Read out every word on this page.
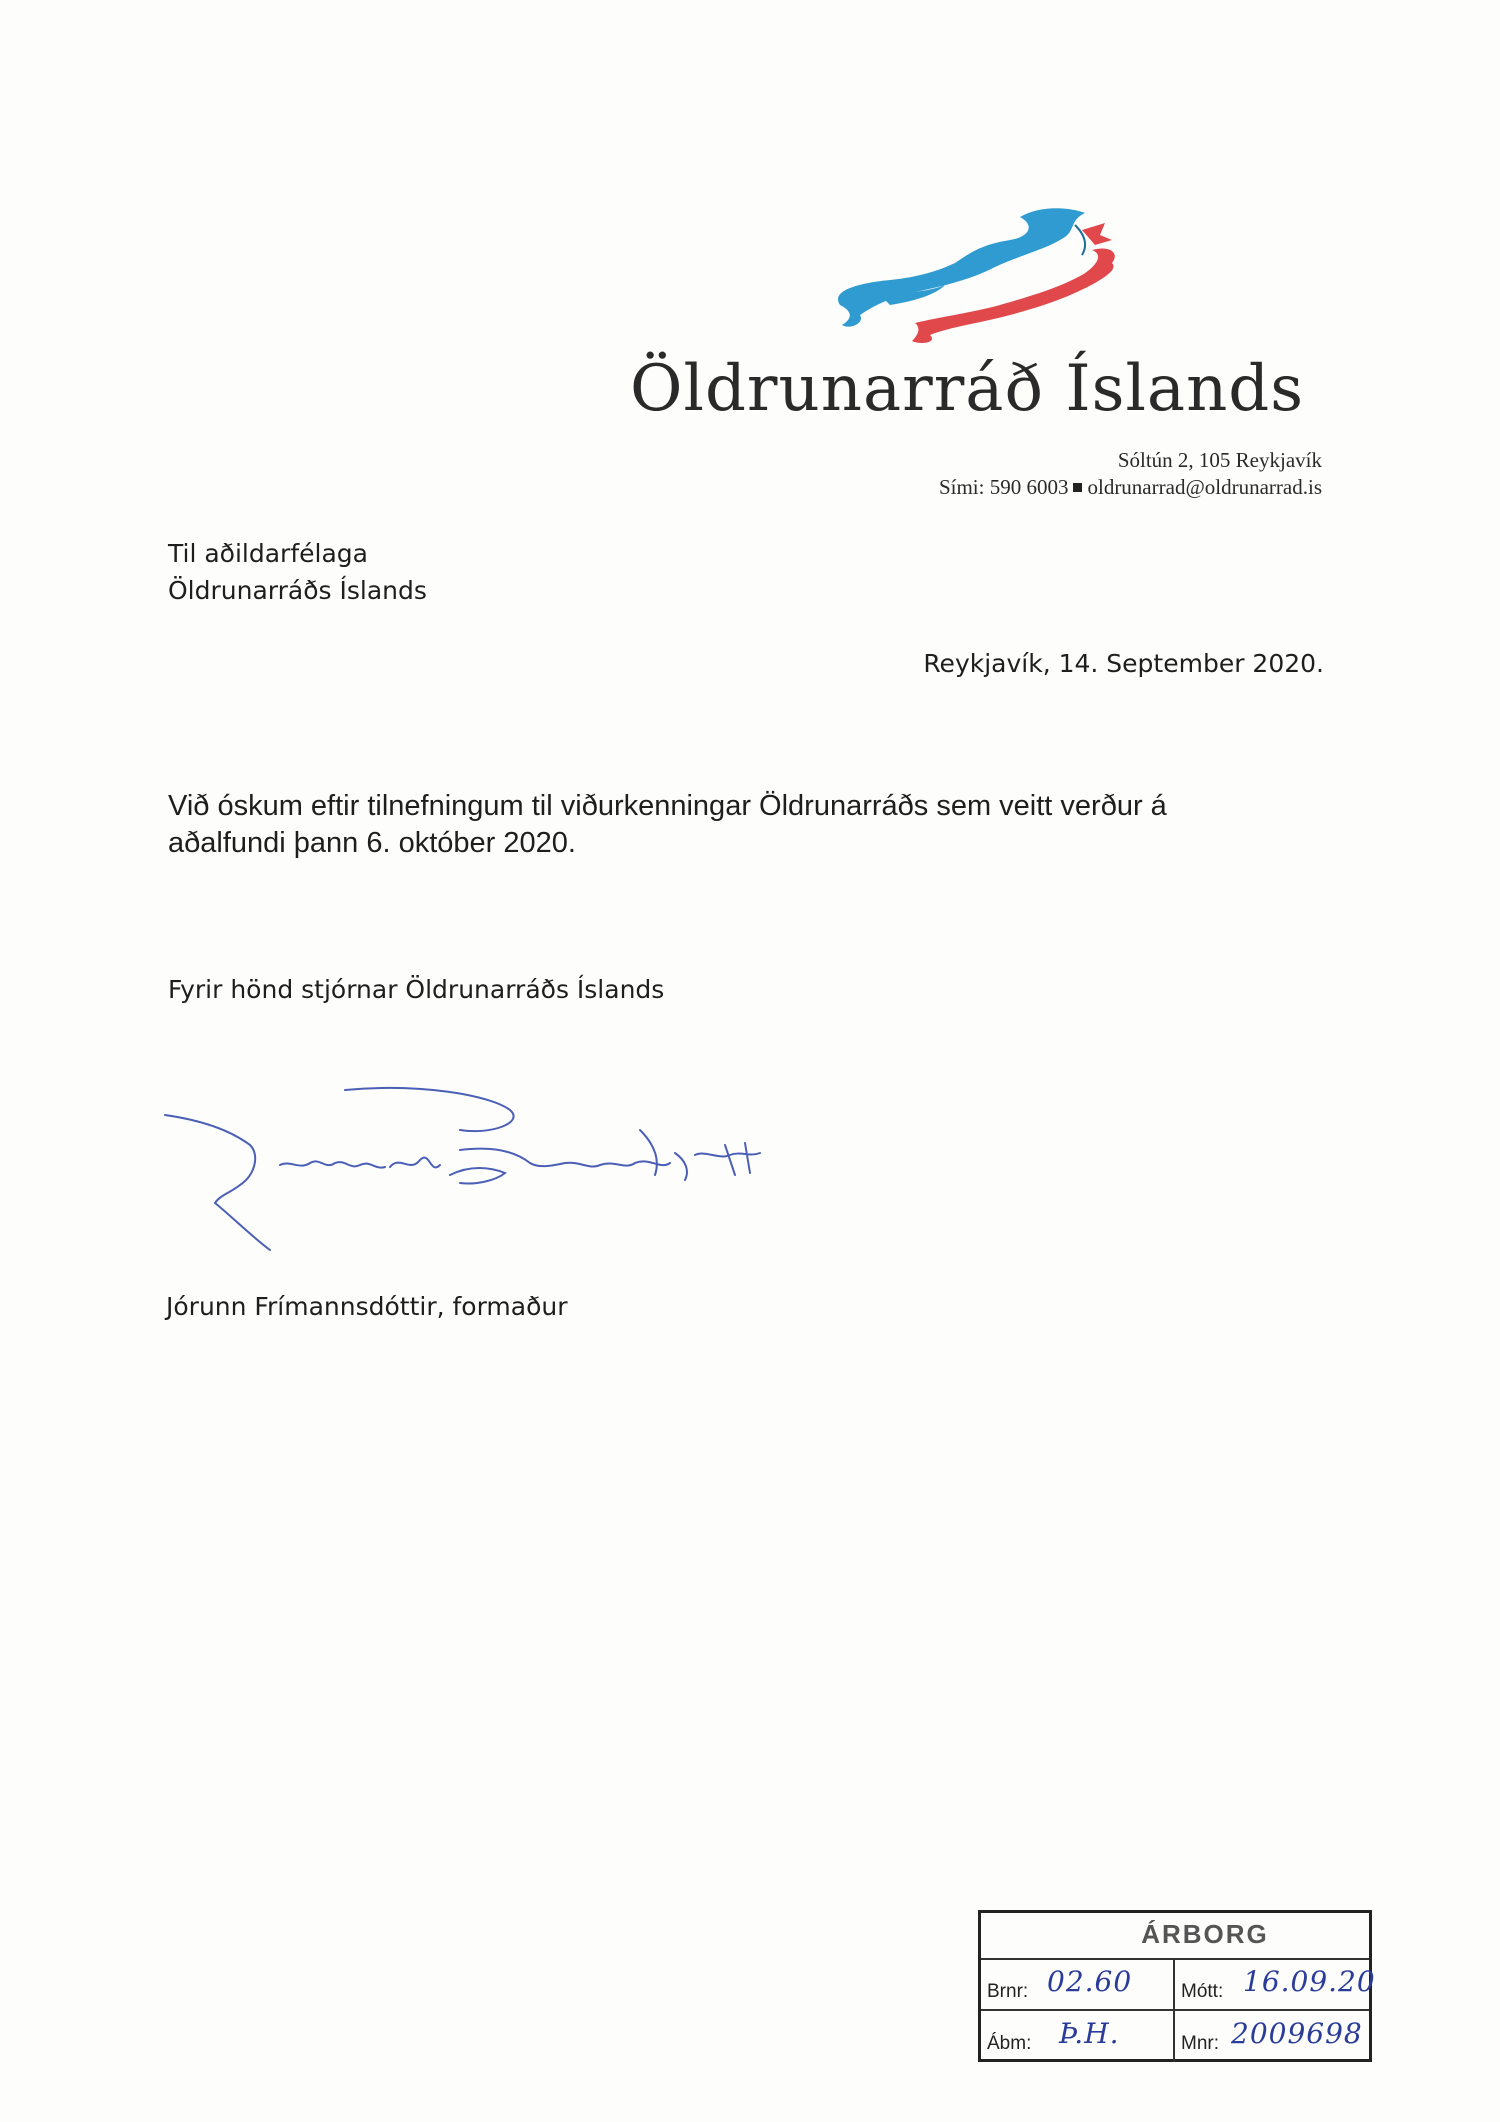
Öldrunarráð Íslands
Sóltún 2, 105 Reykjavík
Sími: 590 6003 oldrunarrad@oldrunarrad.is
Til aðildarfélaga
Öldrunarráðs Íslands
Reykjavík, 14. September 2020.
Við óskum eftir tilnefningum til viðurkenningar Öldrunarráðs sem veitt verður á
aðalfundi þann 6. október 2020.
Fyrir hönd stjórnar Öldrunarráðs Íslands
Jórunn Frímannsdóttir, formaður
ÁRBORG
Brnr: 02.60	Mótt: 16.09.20
Ábm: Þ.H.	Mnr: 2009698
